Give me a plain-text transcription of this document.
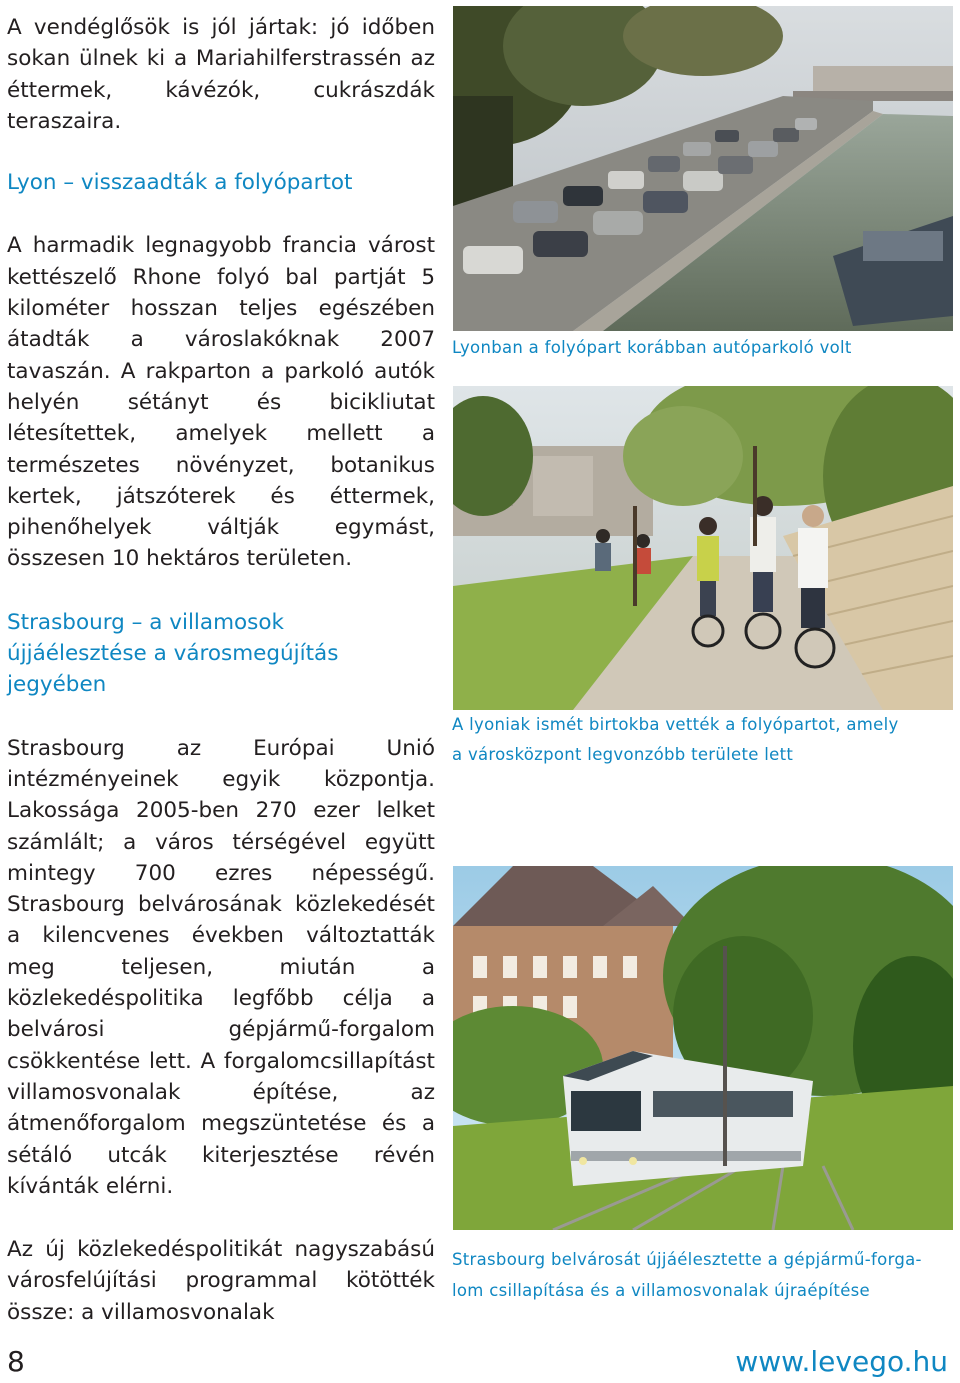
A vendéglősök is jól jártak: jó időben sokan ülnek ki a Mariahilferstrassén az éttermek, kávézók, cukrászdák teraszaira.

Lyon – visszaadták a folyópartot

A harmadik legnagyobb francia várost kettészelő Rhone folyó bal partját 5 kilométer hosszan teljes egészében átadták a városlakóknak 2007 tavaszán. A rakparton a parkoló autók helyén sétányt és bicikliutat létesítettek, amelyek mellett a természetes növényzet, botanikus kertek, játszóterek és éttermek, pihenőhelyek váltják egymást, összesen 10 hektáros területen.

Strasbourg – a villamosok újjáélesztése a városmegújítás jegyében

Strasbourg az Európai Unió intézményeinek egyik központja. Lakossága 2005-ben 270 ezer lelket számlált; a város térségével együtt mintegy 700 ezres népességű. Strasbourg belvárosának közlekedését a kilencvenes években változtatták meg teljesen, miután a közlekedéspolitika legfőbb célja a belvárosi gépjármű-forgalom csökkentése lett. A forgalomcsillapítást villamosvonalak építése, az átmenőforgalom megszüntetése és a sétáló utcák kiterjesztése révén kívánták elérni.

Az új közlekedéspolitikát nagyszabású városfelújítási programmal kötötték össze: a villamosvonalak

Lyonban a folyópart korábban autóparkoló volt
A lyoniak ismét birtokba vették a folyópartot, amely
a városközpont legvonzóbb területe lett
Strasbourg belvárosát újjáélesztette a gépjármű-forga-
lom csillapítása és a villamosvonalak újraépítése
8	www.levego.hu
